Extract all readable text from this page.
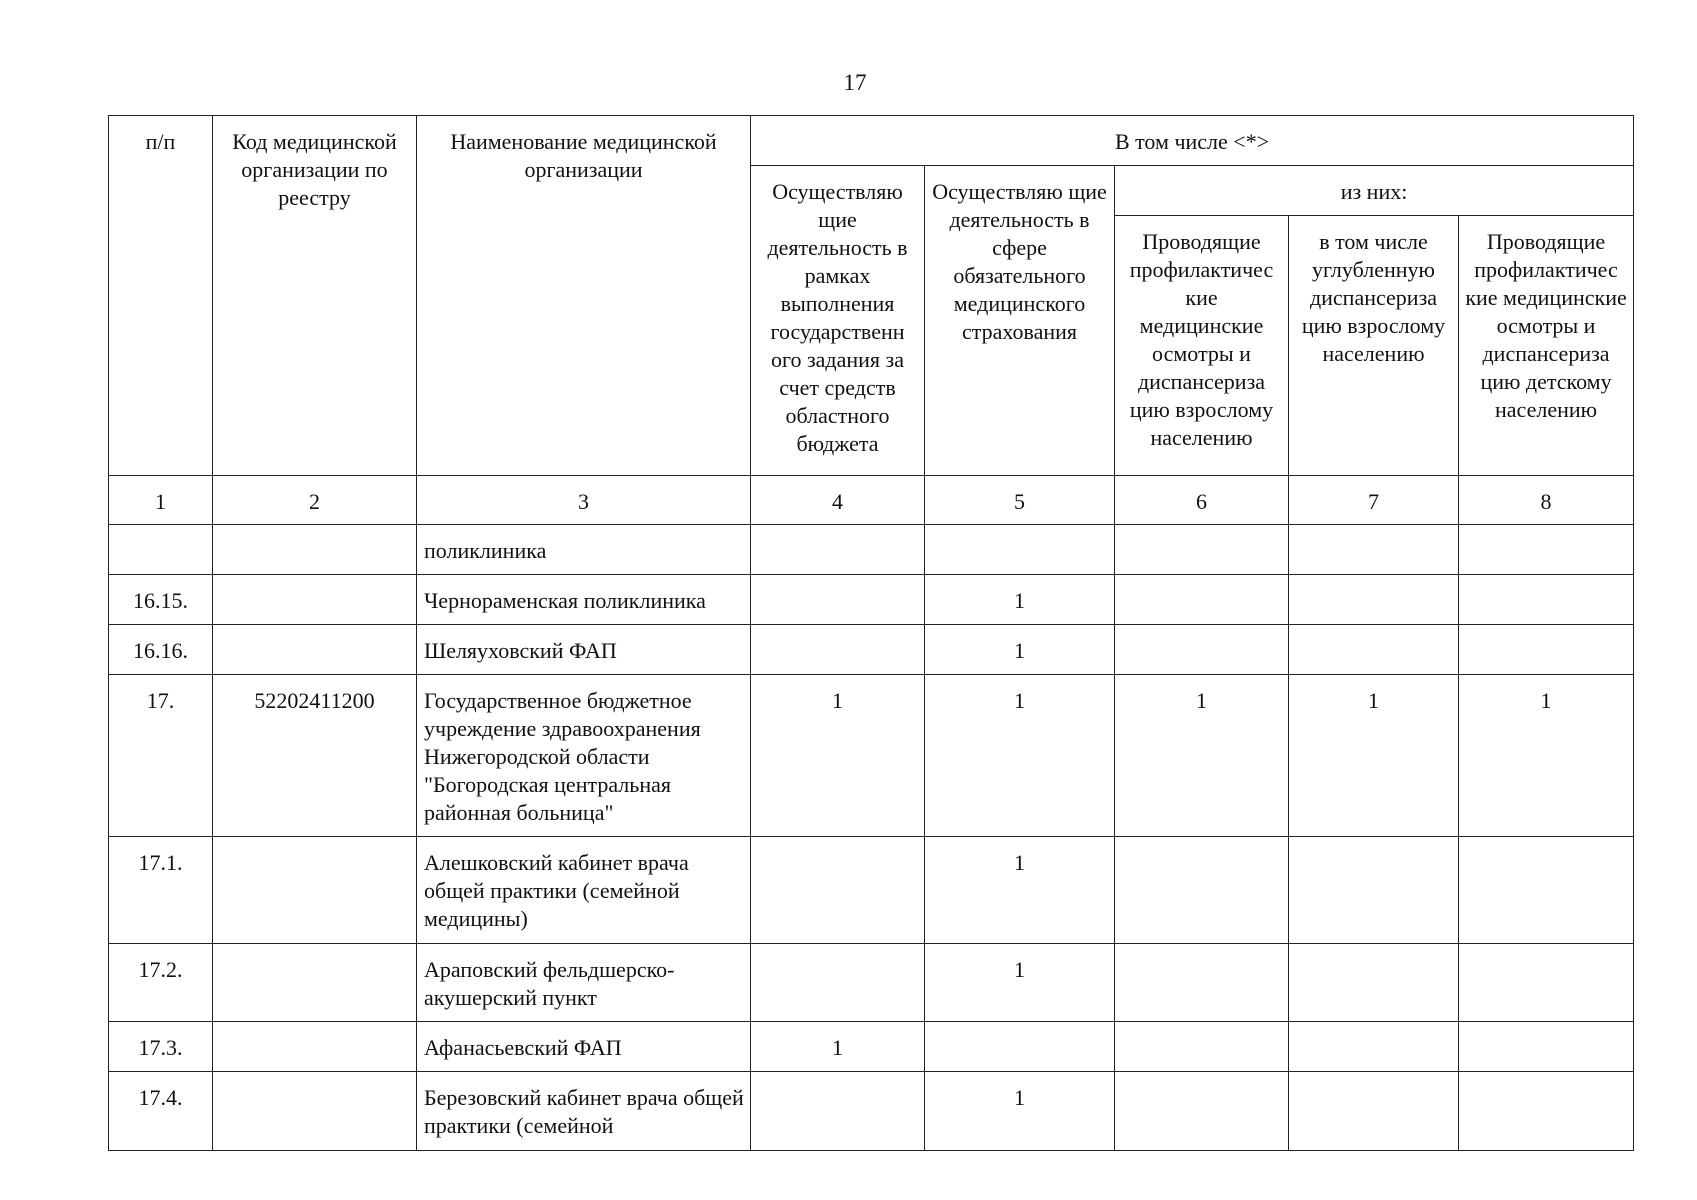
17
п/п	Код медицинской организации по реестру	Наименование медицинской организации	В том числе <*>				
			Осуществляю щие деятельность в рамках выполнения государственн ого задания за счет средств областного бюджета	Осуществляю щие деятельность в сфере обязательного медицинского страхования	из них:		
					Проводящие профилактичес кие медицинские осмотры и диспансериза цию взрослому населению	в том числе углубленную диспансериза цию взрослому населению	Проводящие профилактичес кие медицинские осмотры и диспансериза цию детскому населению
1	2	3	4	5	6	7	8
		поликлиника					
16.15.		Чернораменская поликлиника		1			
16.16.		Шеляуховский ФАП		1			
17.	52202411200	Государственное бюджетное учреждение здравоохранения Нижегородской области "Богородская центральная районная больница"	1	1	1	1	1
17.1.		Алешковский кабинет врача общей практики (семейной медицины)		1			
17.2.		Араповский фельдшерско-акушерский пункт		1			
17.3.		Афанасьевский ФАП	1				
17.4.		Березовский кабинет врача общей практики (семейной		1			
